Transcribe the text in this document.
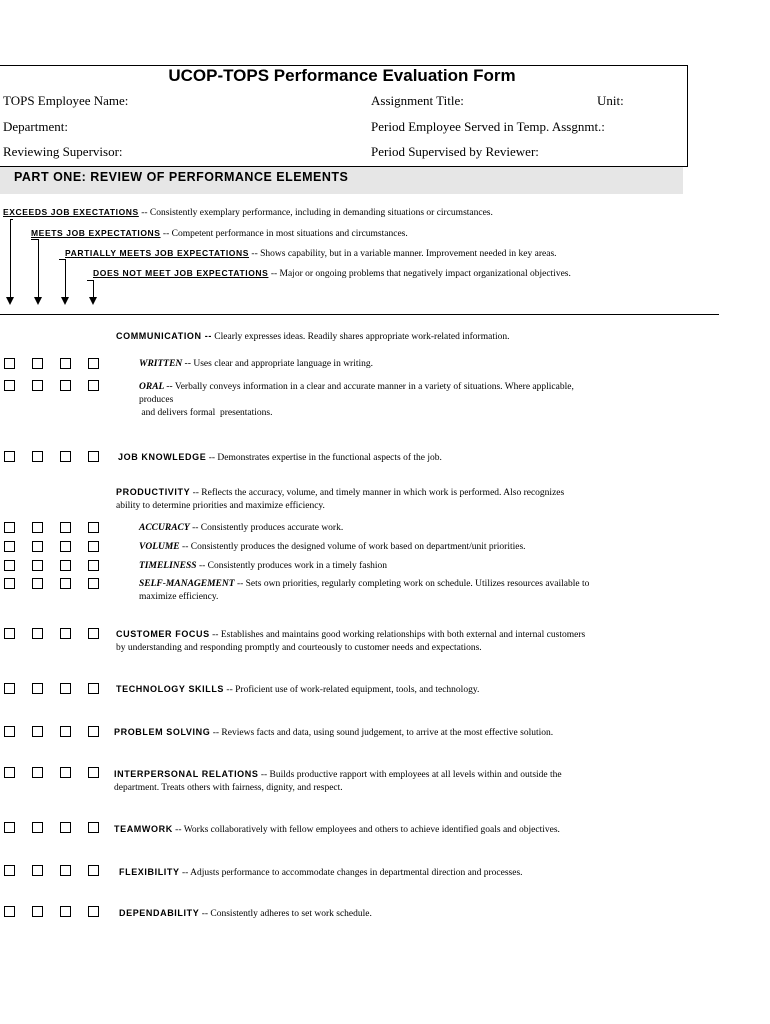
UCOP-TOPS Performance Evaluation Form
TOPS Employee Name:	Assignment Title:	Unit:
Department:	Period Employee Served in Temp. Assgnmt.:
Reviewing Supervisor:	Period Supervised by Reviewer:
PART ONE: REVIEW OF PERFORMANCE ELEMENTS
EXCEEDS JOB EXECTATIONS -- Consistently exemplary performance, including in demanding situations or circumstances.
MEETS JOB EXPECTATIONS -- Competent performance in most situations and circumstances.
PARTIALLY MEETS JOB EXPECTATIONS -- Shows capability, but in a variable manner. Improvement needed in key areas.
DOES NOT MEET JOB EXPECTATIONS -- Major or ongoing problems that negatively impact organizational objectives.
COMMUNICATION -- Clearly expresses ideas. Readily shares appropriate work-related information.
WRITTEN -- Uses clear and appropriate language in writing.
ORAL -- Verbally conveys information in a clear and accurate manner in a variety of situations. Where applicable,
produces
and delivers formal  presentations.
JOB KNOWLEDGE -- Demonstrates expertise in the functional aspects of the job.
PRODUCTIVITY -- Reflects the accuracy, volume, and timely manner in which work is performed. Also recognizes
ability to determine priorities and maximize efficiency.
ACCURACY -- Consistently produces accurate work.
VOLUME -- Consistently produces the designed volume of work based on department/unit priorities.
TIMELINESS -- Consistently produces work in a timely fashion
SELF-MANAGEMENT -- Sets own priorities, regularly completing work on schedule. Utilizes resources available to
maximize efficiency.
CUSTOMER FOCUS -- Establishes and maintains good working relationships with both external and internal customers
by understanding and responding promptly and courteously to customer needs and expectations.
TECHNOLOGY SKILLS -- Proficient use of work-related equipment, tools, and technology.
PROBLEM SOLVING -- Reviews facts and data, using sound judgement, to arrive at the most effective solution.
INTERPERSONAL RELATIONS -- Builds productive rapport with employees at all levels within and outside the
department. Treats others with fairness, dignity, and respect.
TEAMWORK -- Works collaboratively with fellow employees and others to achieve identified goals and objectives.
FLEXIBILITY -- Adjusts performance to accommodate changes in departmental direction and processes.
DEPENDABILITY -- Consistently adheres to set work schedule.
